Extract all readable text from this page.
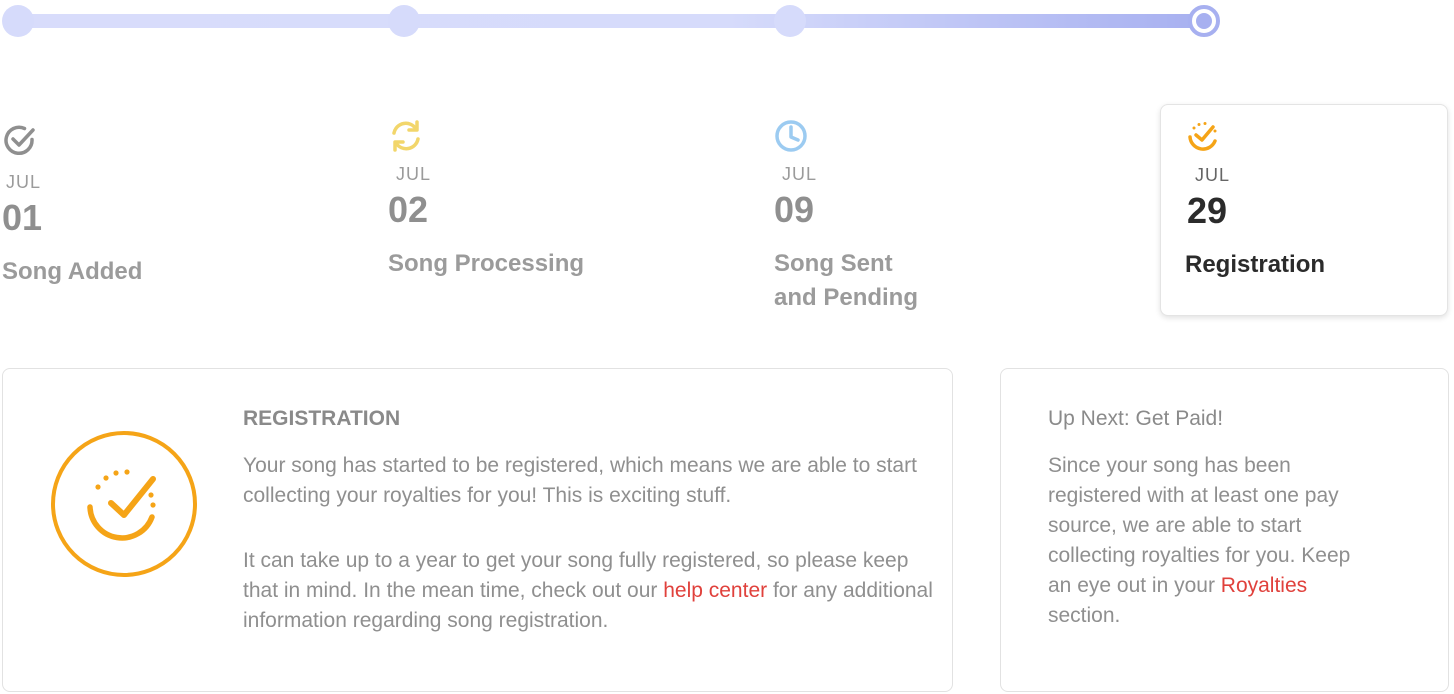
JUL
01
Song Added
JUL
02
Song Processing
JUL
09
Song Sent
and Pending
JUL
29
Registration
REGISTRATION
Your song has started to be registered, which means we are able to start collecting your royalties for you! This is exciting stuff.
It can take up to a year to get your song fully registered, so please keep that in mind. In the mean time, check out our help center for any additional information regarding song registration.
Up Next: Get Paid!
Since your song has been registered with at least one pay source, we are able to start collecting royalties for you. Keep an eye out in your Royalties section.
